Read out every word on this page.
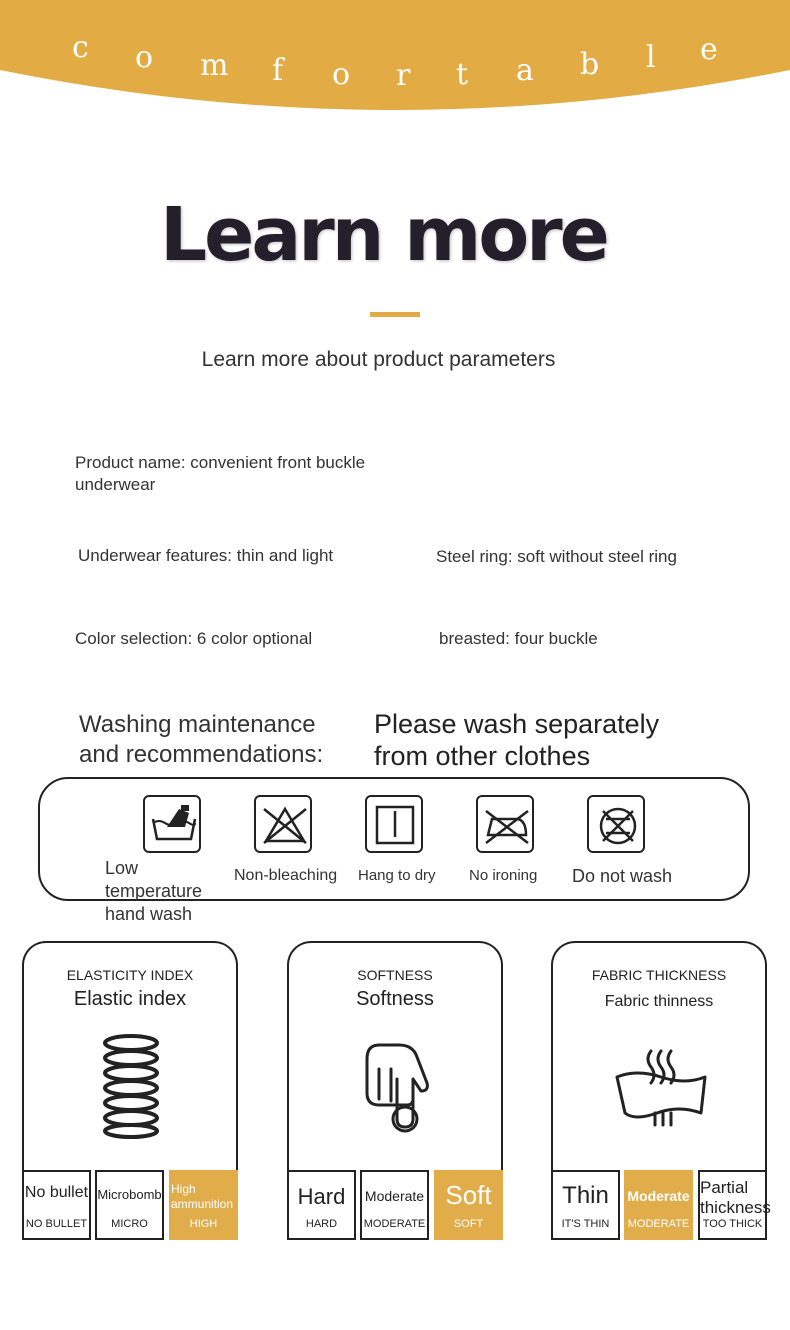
c o m f o r t a b l e
Learn more
Learn more about product parameters
Product name: convenient front buckle
underwear
Underwear features: thin and light	Steel ring: soft without steel ring
Color selection: 6 color optional	breasted: four buckle
Washing maintenance
and recommendations:
Please wash separately
from other clothes
Low
temperature
hand wash
Non-bleaching Hang to dry No ironing Do not wash
ELASTICITY INDEX
Elastic index
No bullet
NO BULLET
Microbomb
MICRO
High
ammunition
HIGH
SOFTNESS
Softness
Hard
HARD
Moderate
MODERATE
Soft
SOFT
FABRIC THICKNESS
Fabric thinness
Thin
IT'S THIN
Moderate
MODERATE
Partial
thickness
TOO THICK
